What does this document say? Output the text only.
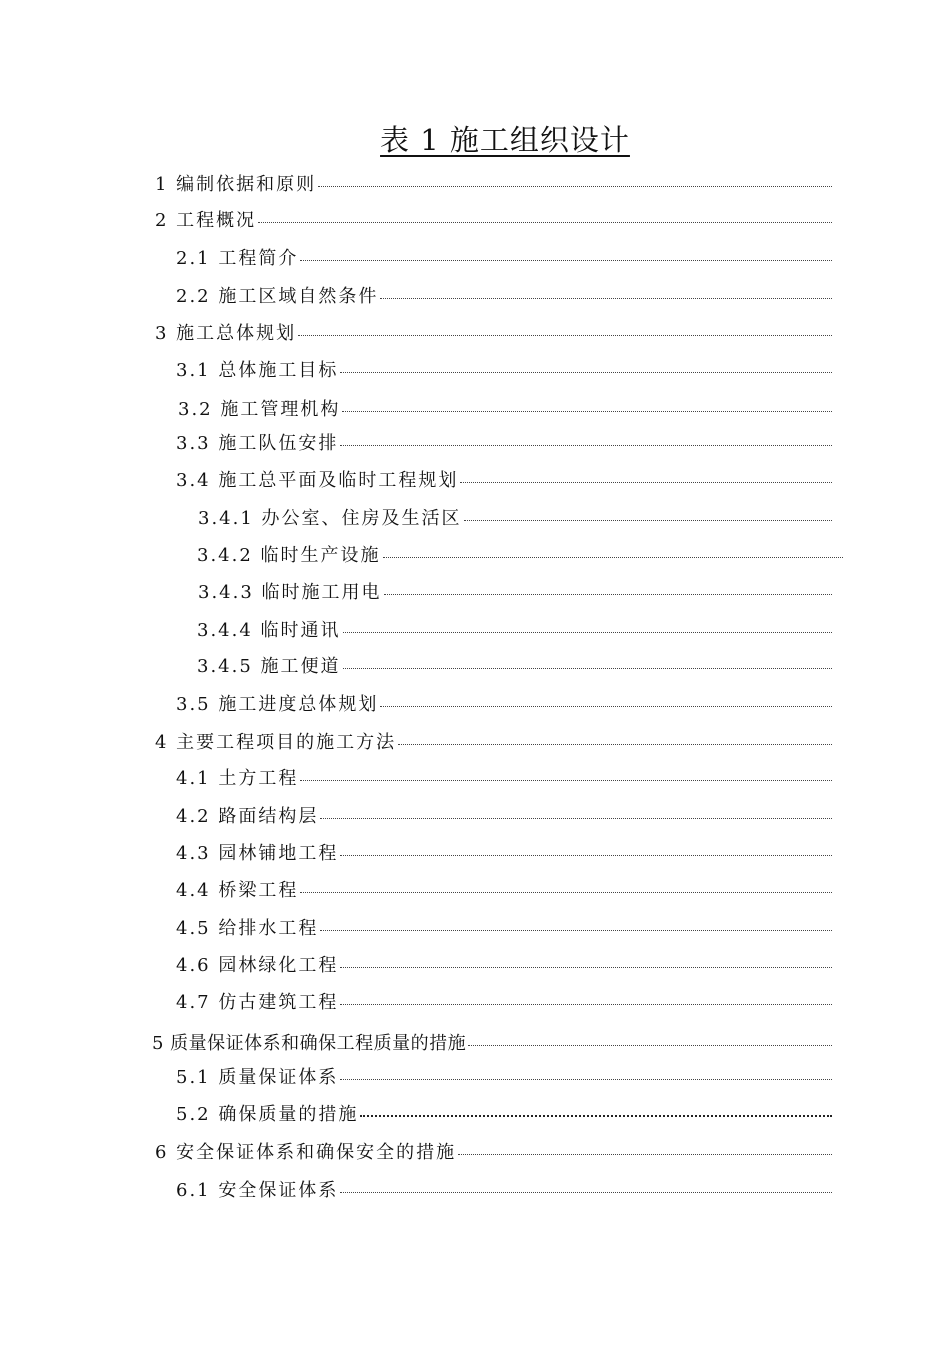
表 1 施工组织设计
1 编制依据和原则
2 工程概况
2.1 工程简介
2.2 施工区域自然条件
3 施工总体规划
3.1 总体施工目标
3.2 施工管理机构
3.3 施工队伍安排
3.4 施工总平面及临时工程规划
3.4.1 办公室、住房及生活区
3.4.2 临时生产设施
3.4.3 临时施工用电
3.4.4 临时通讯
3.4.5 施工便道
3.5 施工进度总体规划
4 主要工程项目的施工方法
4.1 土方工程
4.2 路面结构层
4.3 园林铺地工程
4.4 桥梁工程
4.5 给排水工程
4.6 园林绿化工程
4.7 仿古建筑工程
5 质量保证体系和确保工程质量的措施
5.1 质量保证体系
5.2 确保质量的措施
6 安全保证体系和确保安全的措施
6.1 安全保证体系
